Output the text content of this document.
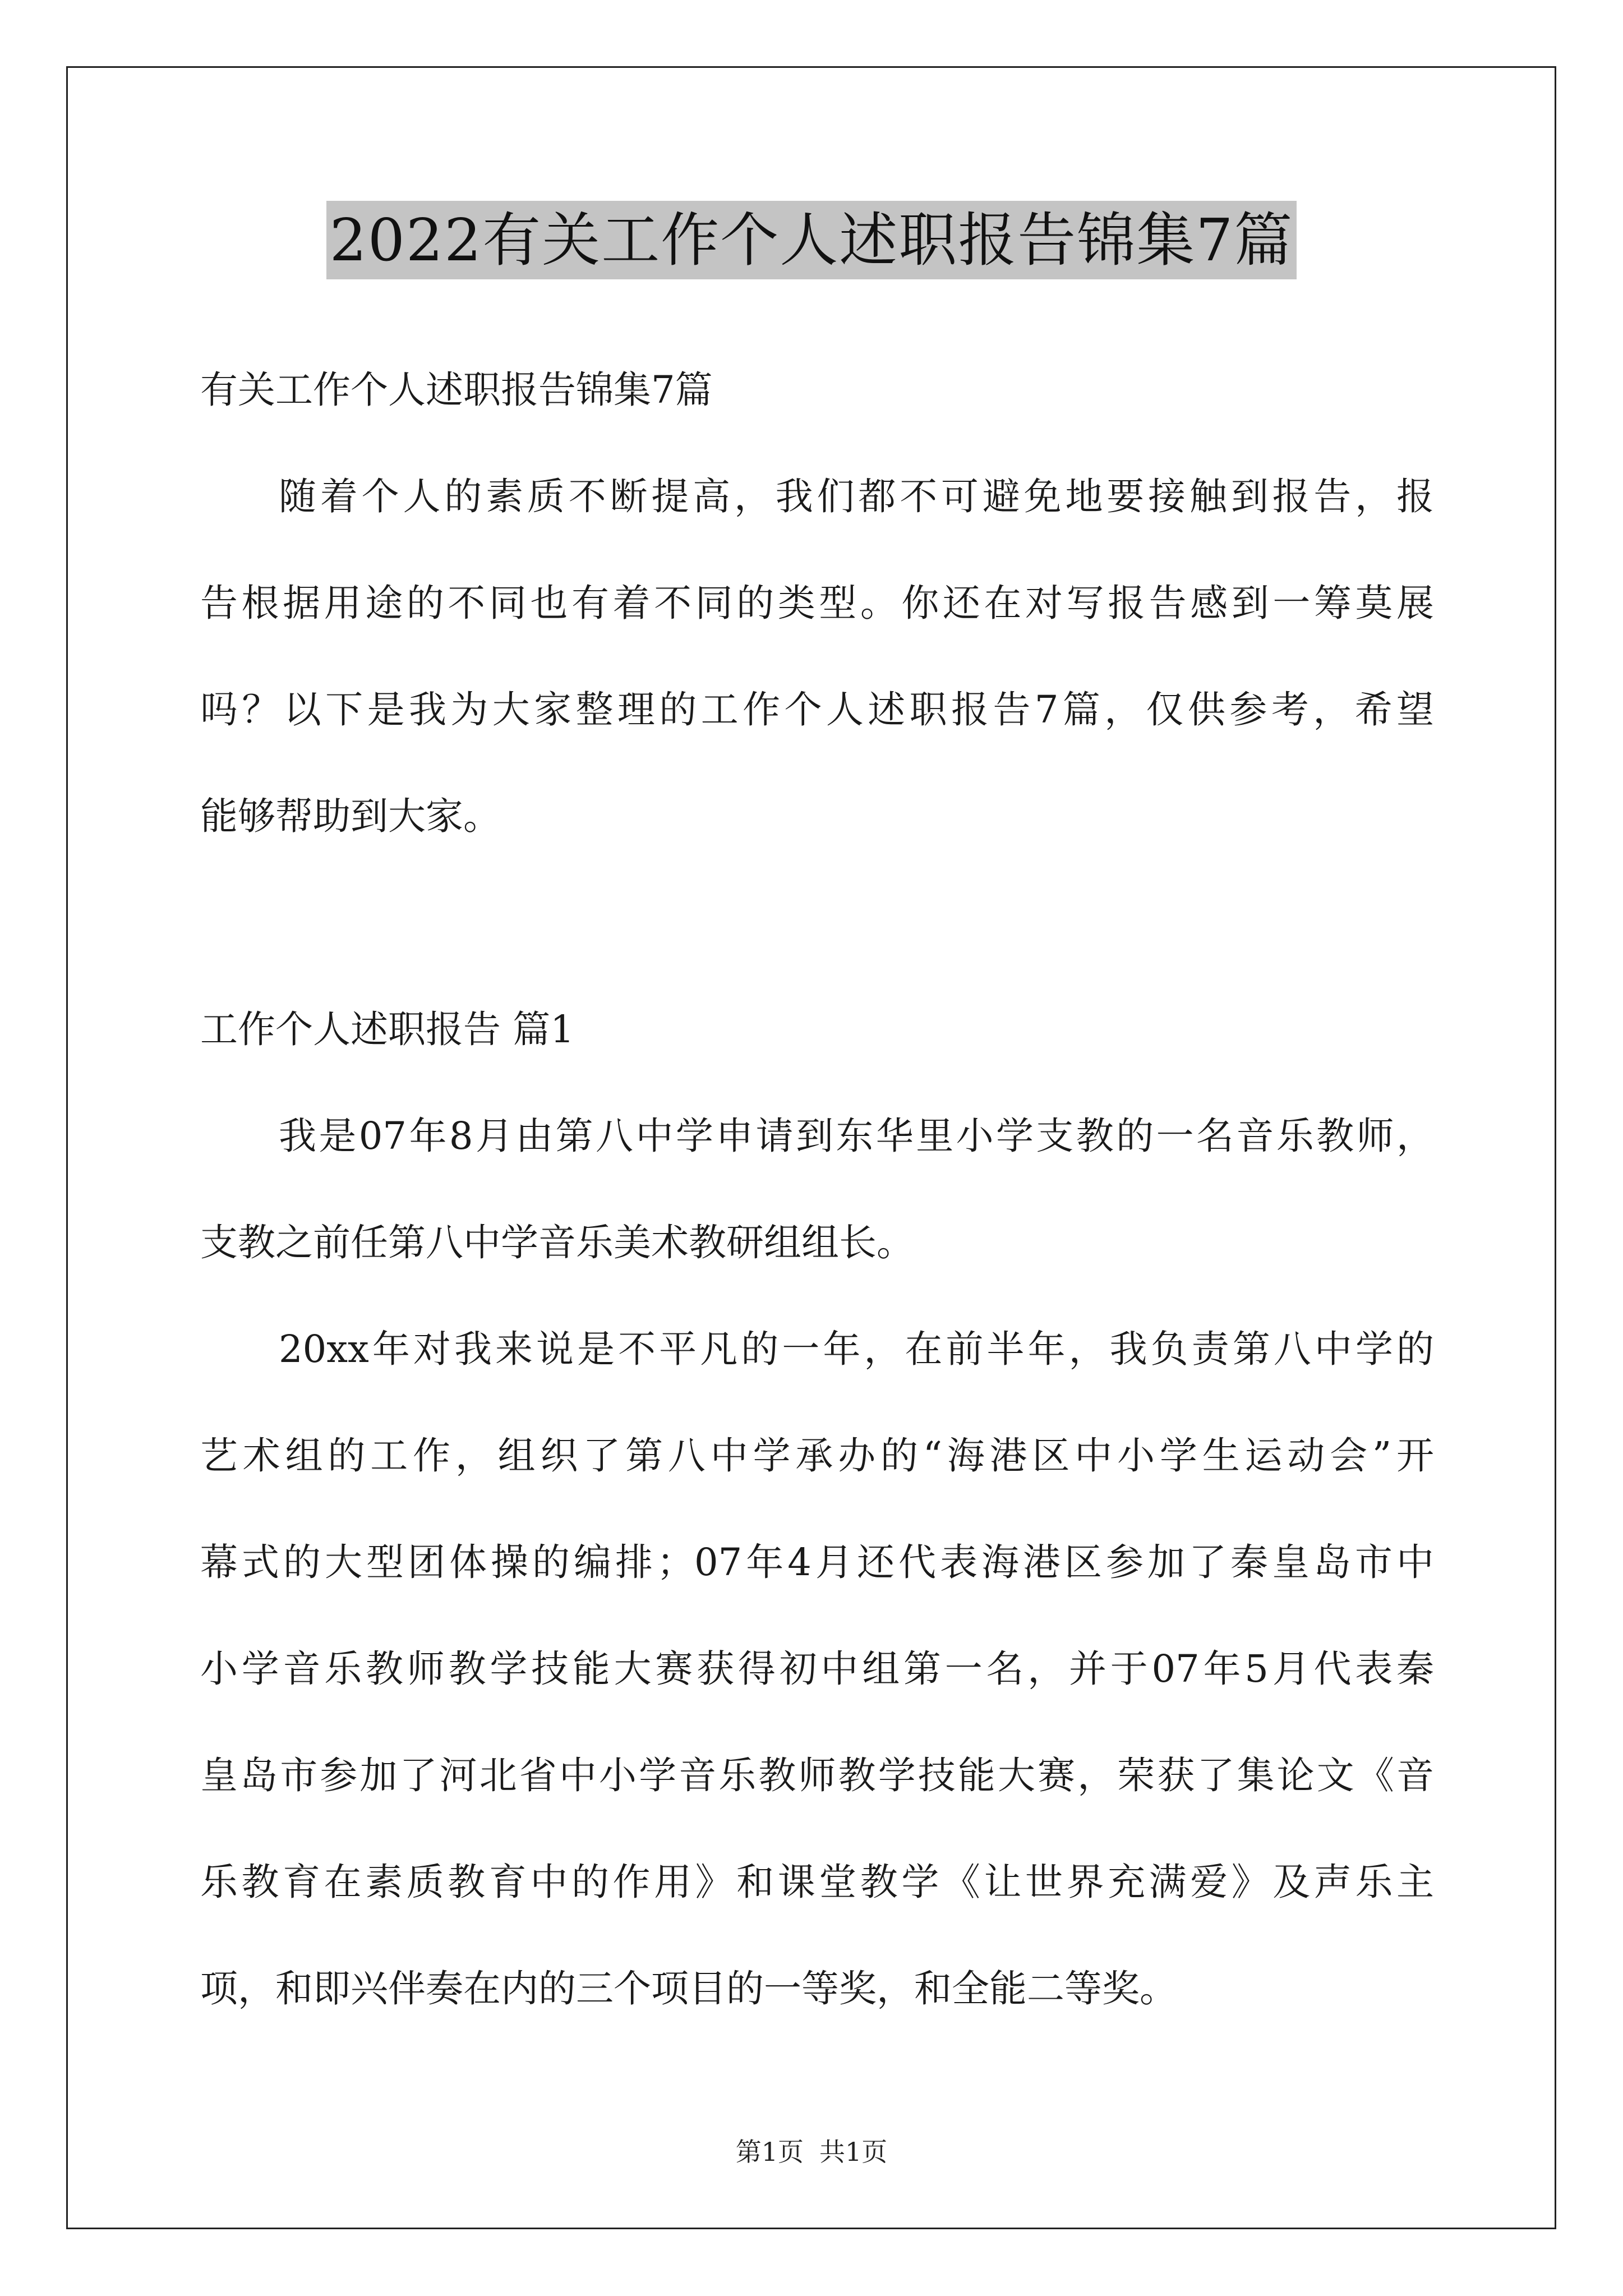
2022有关工作个人述职报告锦集7篇
有关工作个人述职报告锦集7篇
随着个人的素质不断提高，我们都不可避免地要接触到报告，报
告根据用途的不同也有着不同的类型。你还在对写报告感到一筹莫展
吗？以下是我为大家整理的工作个人述职报告7篇，仅供参考，希望
能够帮助到大家。
工作个人述职报告 篇1
我是07年8月由第八中学申请到东华里小学支教的一名音乐教师，
支教之前任第八中学音乐美术教研组组长。
20xx年对我来说是不平凡的一年，在前半年，我负责第八中学的
艺术组的工作，组织了第八中学承办的“海港区中小学生运动会”开
幕式的大型团体操的编排；07年4月还代表海港区参加了秦皇岛市中
小学音乐教师教学技能大赛获得初中组第一名，并于07年5月代表秦
皇岛市参加了河北省中小学音乐教师教学技能大赛，荣获了集论文《音
乐教育在素质教育中的作用》和课堂教学《让世界充满爱》及声乐主
项，和即兴伴奏在内的三个项目的一等奖，和全能二等奖。
第1页 共1页
